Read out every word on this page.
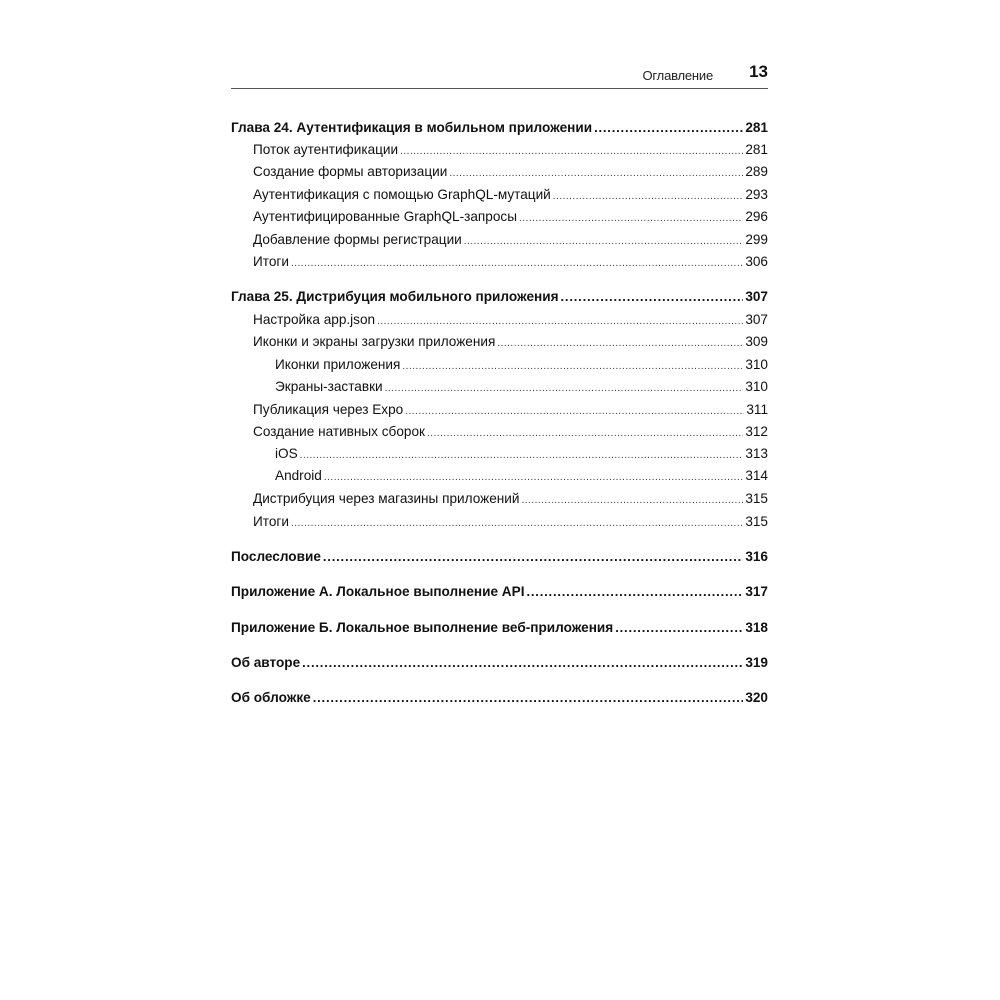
Оглавление 13
Глава 24. Аутентификация в мобильном приложении .....	281
Поток аутентификации .....	281
Создание формы авторизации .....	289
Аутентификация с помощью GraphQL-мутаций .....	293
Аутентифицированные GraphQL-запросы .....	296
Добавление формы регистрации .....	299
Итоги .....	306
Глава 25. Дистрибуция мобильного приложения .....	307
Настройка app.json .....	307
Иконки и экраны загрузки приложения .....	309
Иконки приложения .....	310
Экраны-заставки .....	310
Публикация через Expo .....	311
Создание нативных сборок .....	312
iOS .....	313
Android .....	314
Дистрибуция через магазины приложений .....	315
Итоги .....	315
Послесловие .....	316
Приложение А. Локальное выполнение API .....	317
Приложение Б. Локальное выполнение веб-приложения .....	318
Об авторе .....	319
Об обложке .....	320
